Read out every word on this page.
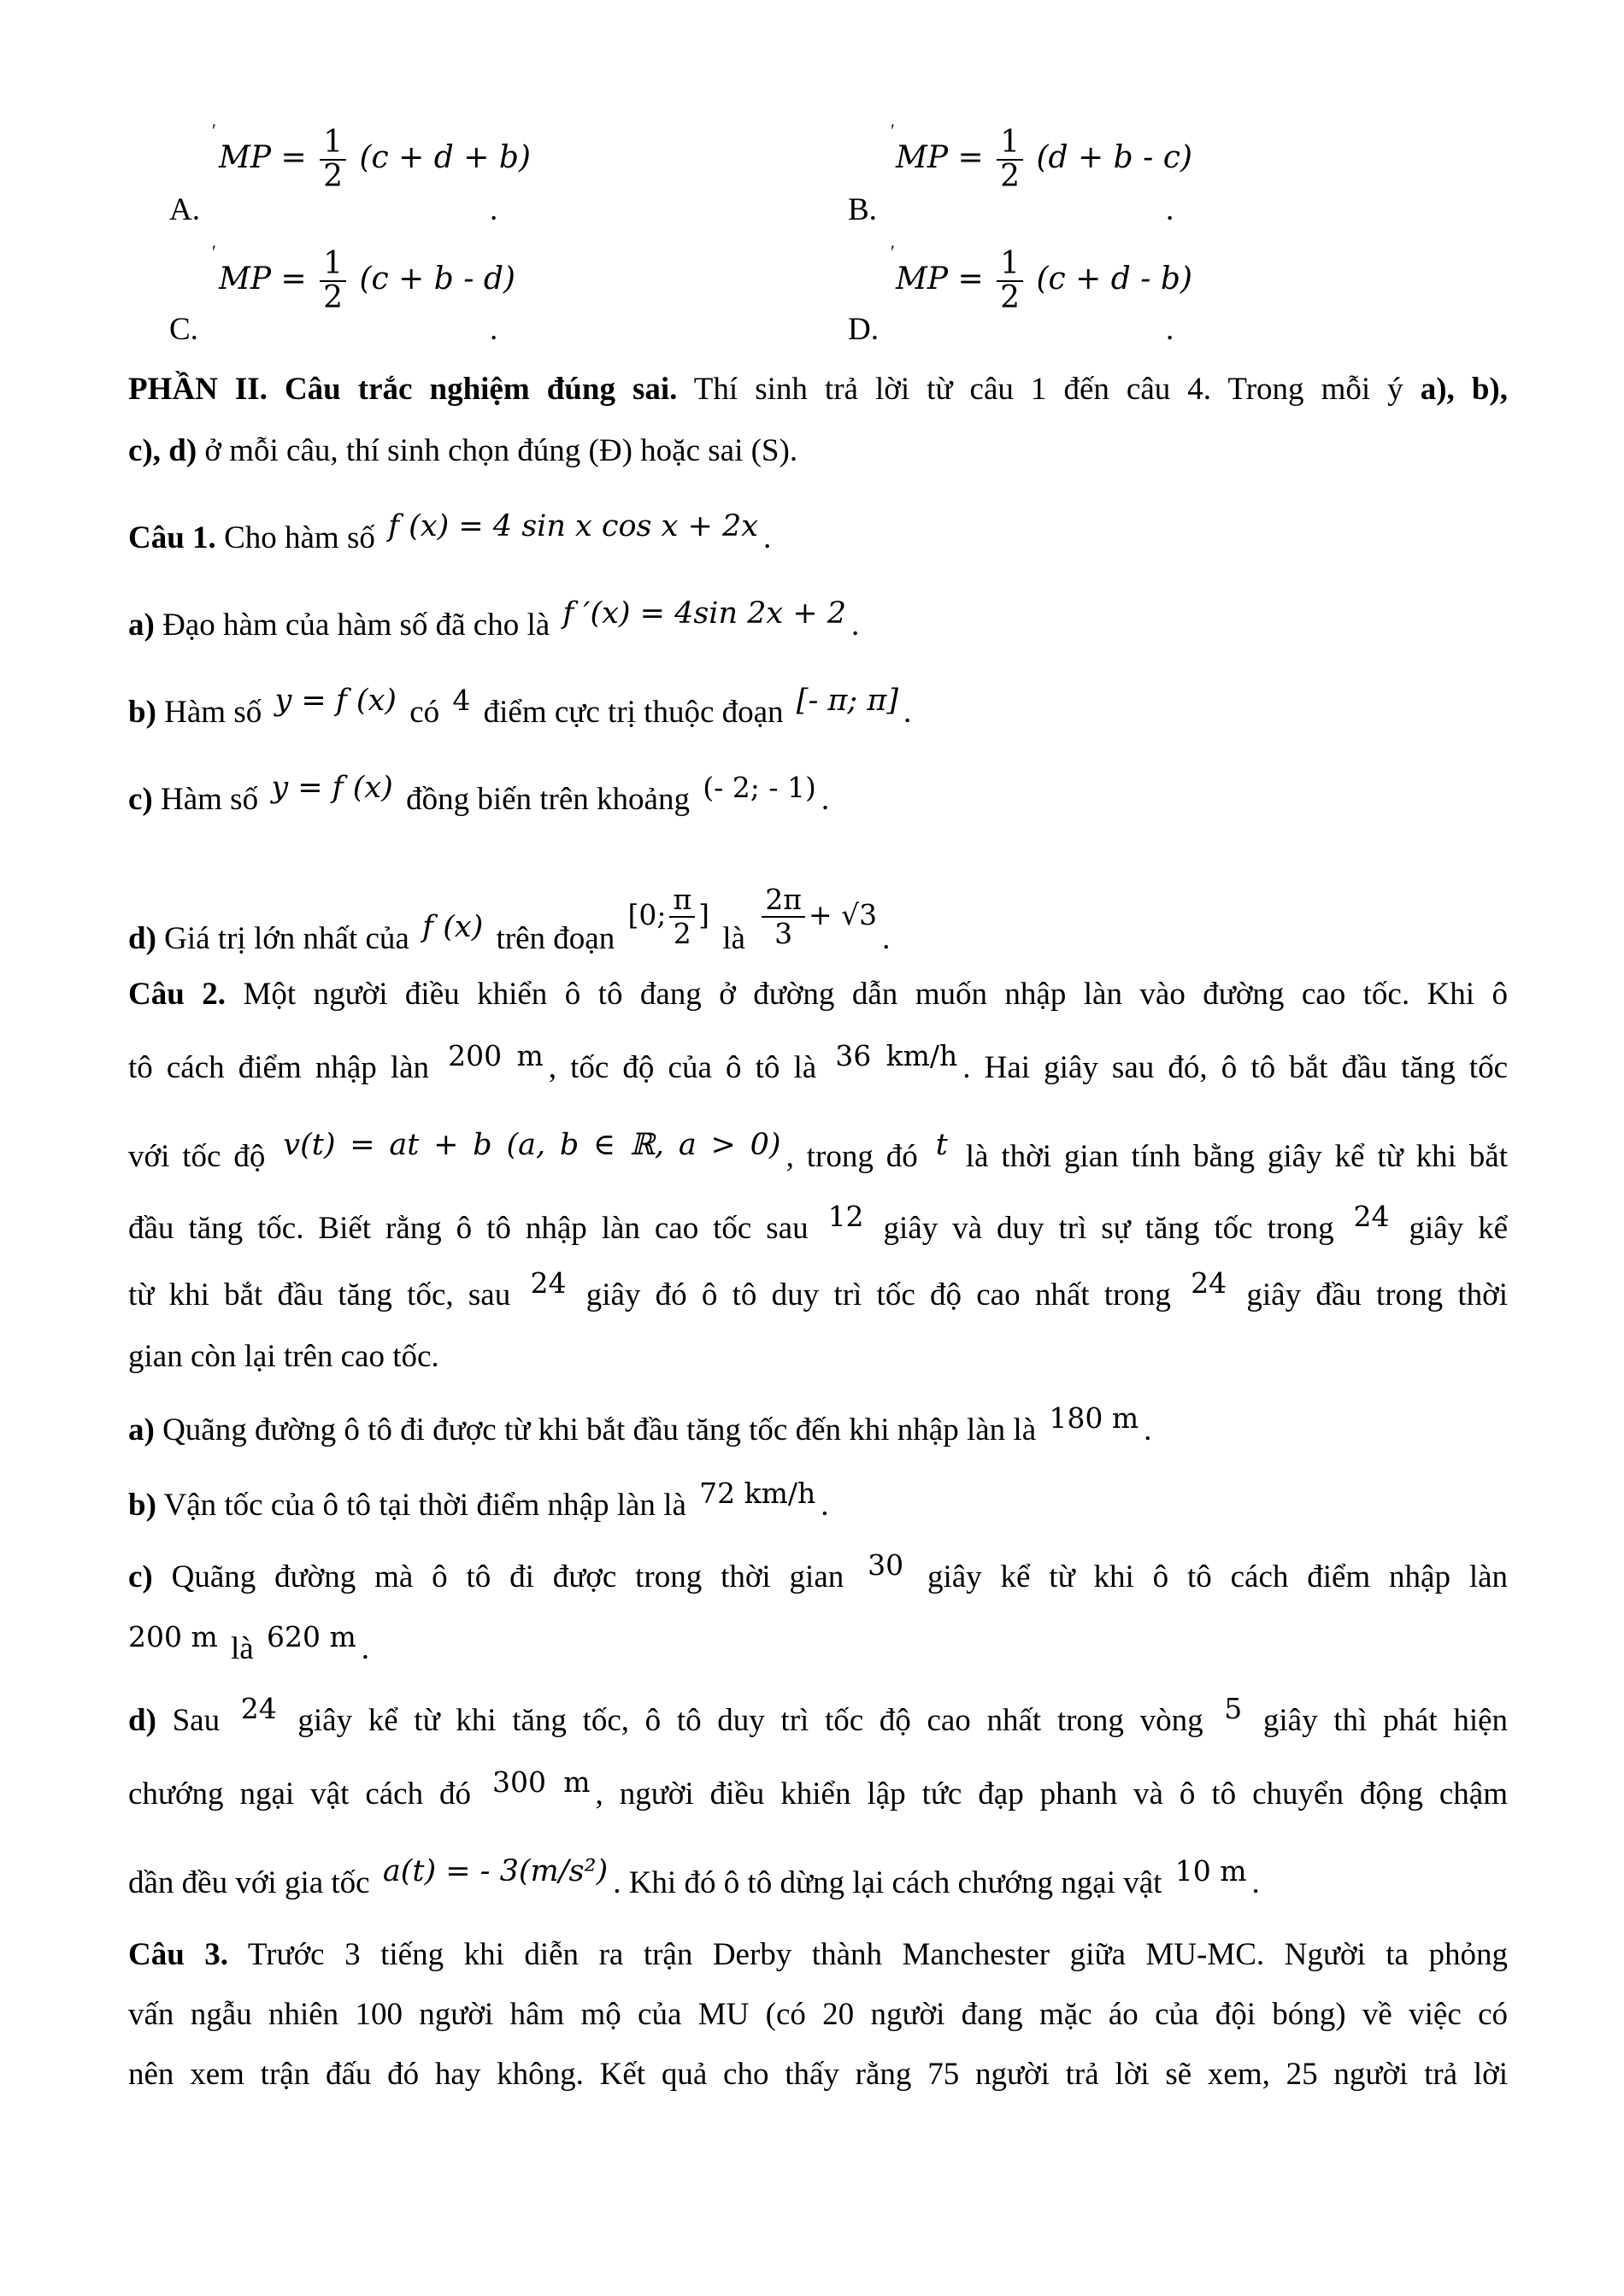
A.
′
MP = $\frac{1}{2} (c + d + b)$
.	B.
′
MP = $\frac{1}{2} (d + b - c)$
.
C.
′
MP = $\frac{1}{2} (c + b - d)$
.	D.
′
MP = $\frac{1}{2} (c + d - b)$
.
PHẦN II. Câu trắc nghiệm đúng sai. Thí sinh trả lời từ câu 1 đến câu 4. Trong mỗi ý a), b),
c), d) ở mỗi câu, thí sinh chọn đúng (Đ) hoặc sai (S).
Câu 1. Cho hàm số f (x) = 4 sin x cos x + 2x .
a) Đạo hàm của hàm số đã cho là f ′(x) = 4sin 2x + 2 .
b) Hàm số y = f (x) có 4 điểm cực trị thuộc đoạn [- π; π] .
c) Hàm số y = f (x) đồng biến trên khoảng (- 2; - 1) .
d) Giá trị lớn nhất của f (x) trên đoạn [0; $\frac{\pi}{2}$ ] là $\frac{2\pi}{3} + √3$.
Câu 2. Một người điều khiển ô tô đang ở đường dẫn muốn nhập làn vào đường cao tốc. Khi ô
tô cách điểm nhập làn 200 m , tốc độ của ô tô là 36 km/h . Hai giây sau đó, ô tô bắt đầu tăng tốc
với tốc độ v(t) = at + b (a, b ∈ ℝ, a > 0) , trong đó t là thời gian tính bằng giây kể từ khi bắt
đầu tăng tốc. Biết rằng ô tô nhập làn cao tốc sau 12 giây và duy trì sự tăng tốc trong 24 giây kể
từ khi bắt đầu tăng tốc, sau 24 giây đó ô tô duy trì tốc độ cao nhất trong 24 giây đầu trong thời
gian còn lại trên cao tốc.
a) Quãng đường ô tô đi được từ khi bắt đầu tăng tốc đến khi nhập làn là 180 m .
b) Vận tốc của ô tô tại thời điểm nhập làn là 72 km/h .
c) Quãng đường mà ô tô đi được trong thời gian 30 giây kể từ khi ô tô cách điểm nhập làn
200 m là 620 m .
d) Sau 24 giây kể từ khi tăng tốc, ô tô duy trì tốc độ cao nhất trong vòng 5 giây thì phát hiện
chướng ngại vật cách đó 300 m , người điều khiển lập tức đạp phanh và ô tô chuyển động chậm
dần đều với gia tốc a(t) = - 3(m/s²) . Khi đó ô tô dừng lại cách chướng ngại vật 10 m .
Câu 3. Trước 3 tiếng khi diễn ra trận Derby thành Manchester giữa MU-MC. Người ta phỏng
vấn ngẫu nhiên 100 người hâm mộ của MU (có 20 người đang mặc áo của đội bóng) về việc có
nên xem trận đấu đó hay không. Kết quả cho thấy rằng 75 người trả lời sẽ xem, 25 người trả lời
